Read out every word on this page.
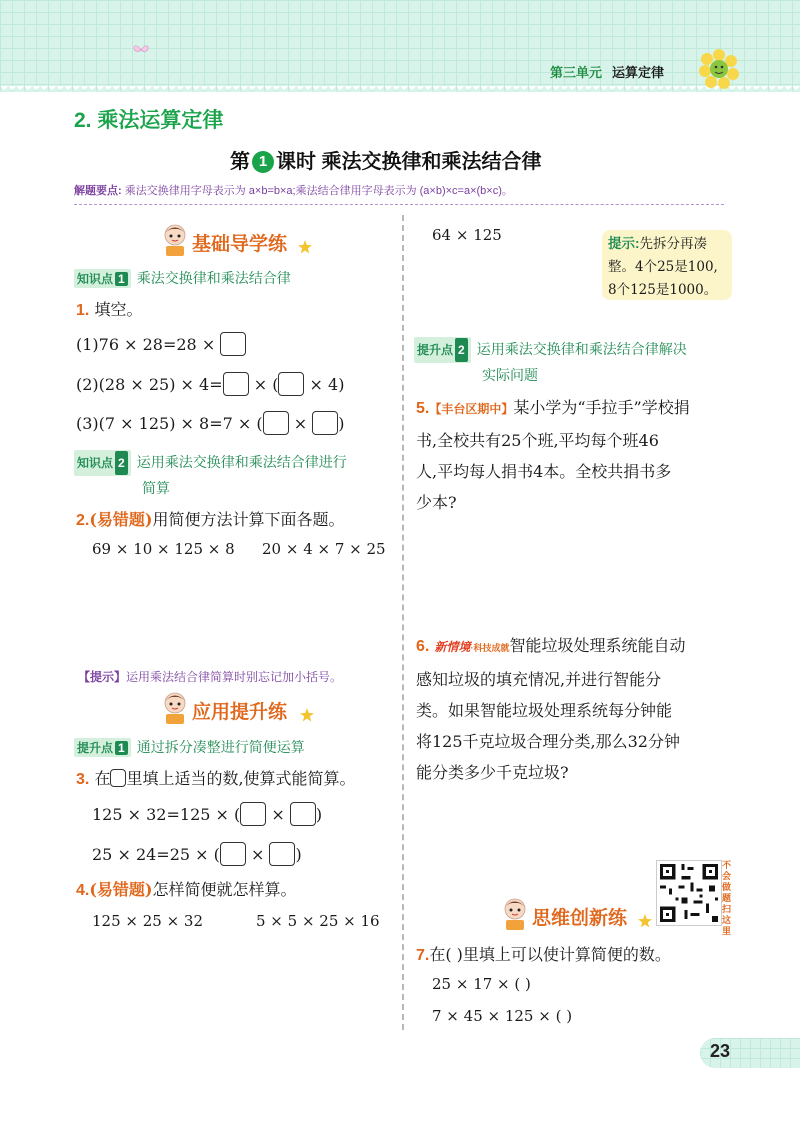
第三单元 运算定律
2. 乘法运算定律
第 1 课时 乘法交换律和乘法结合律
解题要点: 乘法交换律用字母表示为 a×b=b×a;乘法结合律用字母表示为 (a×b)×c=a×(b×c)。
基础导学练
知识点 1 乘法交换律和乘法结合律
1. 填空。
(1)76 × 28=28 ×
(2)(28 × 25) × 4= × ( × 4)
(3)(7 × 125) × 8=7 × ( × )
知识点 2 运用乘法交换律和乘法结合律进行
简算
2.(易错题)用简便方法计算下面各题。
69 × 10 × 125 × 8 20 × 4 × 7 × 25
【提示】运用乘法结合律简算时别忘记加小括号。
应用提升练
提升点 1 通过拆分凑整进行简便运算
3. 在 里填上适当的数,使算式能简算。
125 × 32=125 × ( × )
25 × 24=25 × ( × )
4.(易错题)怎样简便就怎样算。
125 × 25 × 32	5 × 5 × 25 × 16
64 × 125	提示:先拆分再凑
整。4个25是100,
8个125是1000。
提升点 2 运用乘法交换律和乘法结合律解决
实际问题
5.【丰台区期中】某小学为“手拉手”学校捐
书,全校共有25个班,平均每个班46
人,平均每人捐书4本。全校共捐书多
少本?
6. 新情境·科技成就智能垃圾处理系统能自动
感知垃圾的填充情况,并进行智能分
类。如果智能垃圾处理系统每分钟能
将125千克垃圾合理分类,那么32分钟
能分类多少千克垃圾?
不会做题扫这里
思维创新练
7.在( )里填上可以使计算简便的数。
25 × 17 × ( )
7 × 45 × 125 × ( )
23
